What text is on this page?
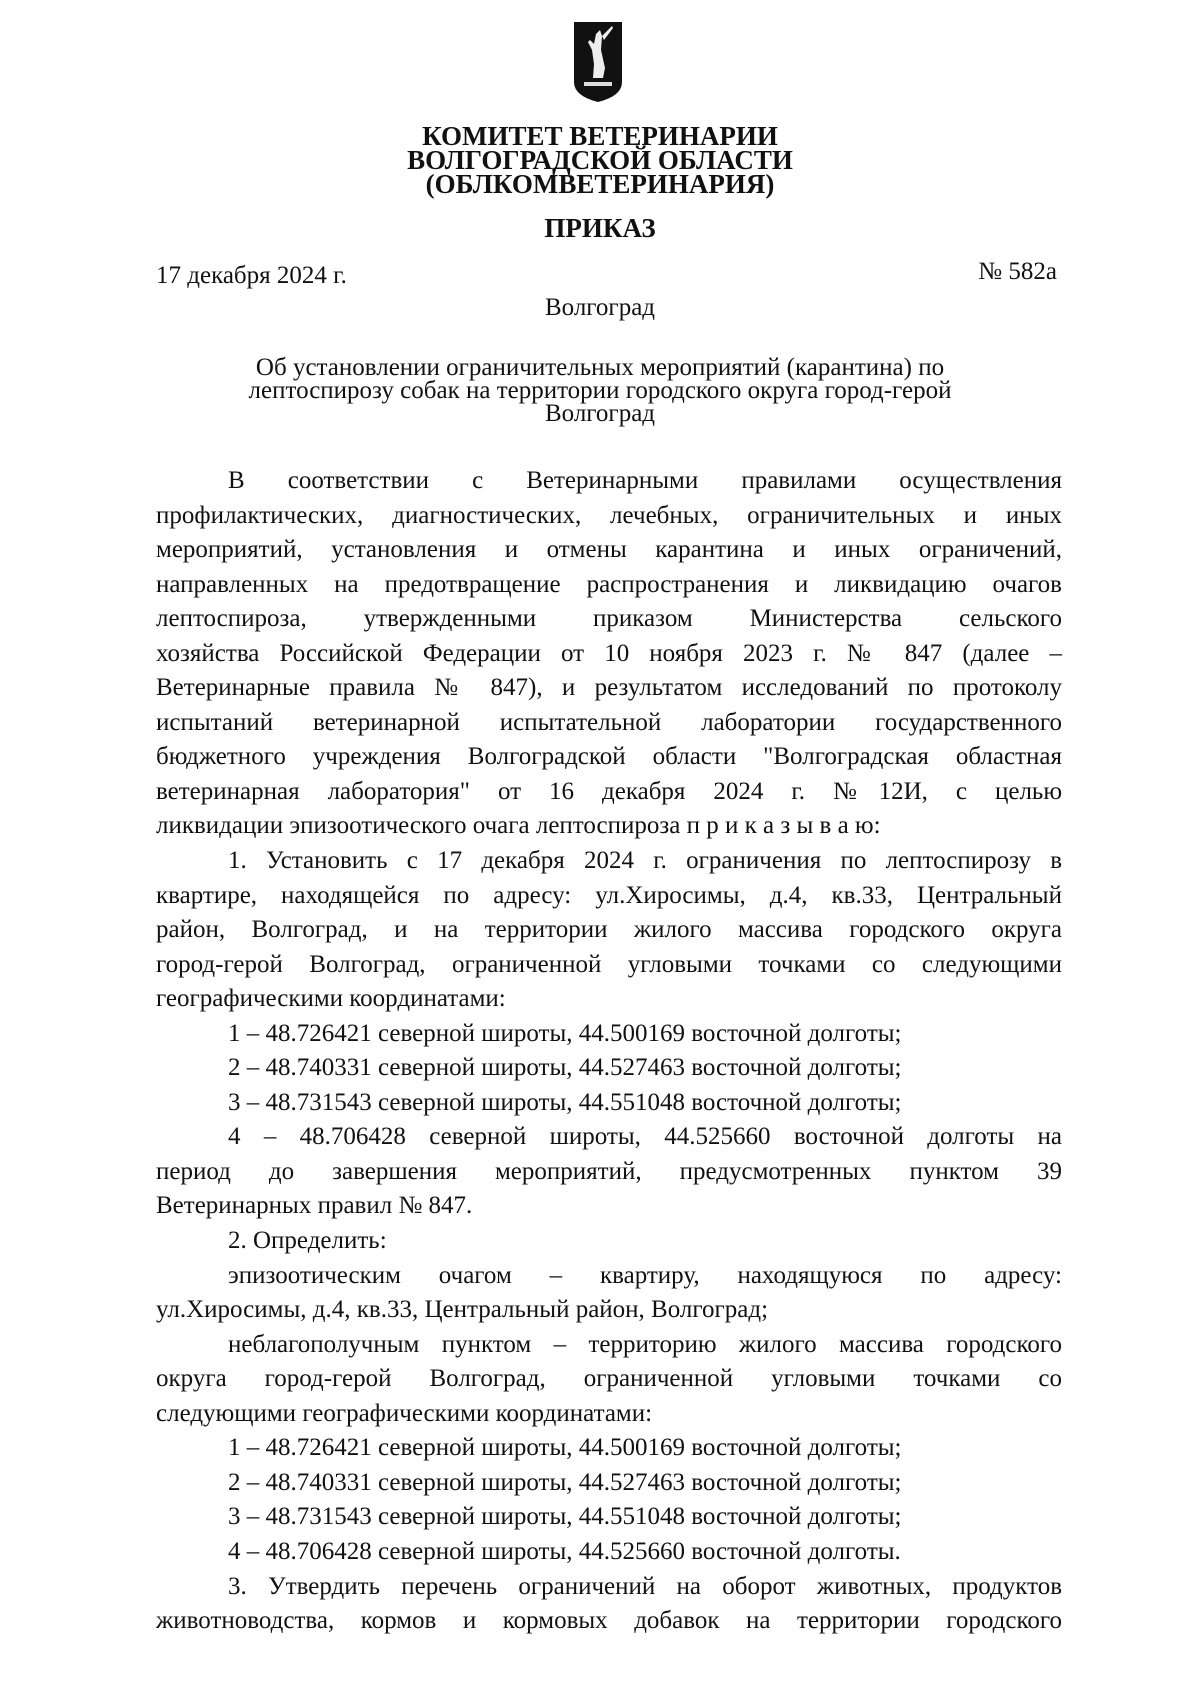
КОМИТЕТ ВЕТЕРИНАРИИ
ВОЛГОГРАДСКОЙ ОБЛАСТИ
(ОБЛКОМВЕТЕРИНАРИЯ)
ПРИКАЗ
17 декабря 2024 г.	№ 582а
Волгоград
Об установлении ограничительных мероприятий (карантина) по
лептоспирозу собак на территории городского округа город-герой
Волгоград
В соответствии с Ветеринарными правилами осуществления
профилактических, диагностических, лечебных, ограничительных и иных
мероприятий, установления и отмены карантина и иных ограничений,
направленных на предотвращение распространения и ликвидацию очагов
лептоспироза, утвержденными приказом Министерства сельского
хозяйства Российской Федерации от 10 ноября 2023 г. № 847 (далее –
Ветеринарные правила № 847), и результатом исследований по протоколу
испытаний ветеринарной испытательной лаборатории государственного
бюджетного учреждения Волгоградской области "Волгоградская областная
ветеринарная лаборатория" от 16 декабря 2024 г. №12И, с целью
ликвидации эпизоотического очага лептоспироза п р и к а з ы в а ю:
1. Установить с 17 декабря 2024 г. ограничения по лептоспирозу в
квартире, находящейся по адресу: ул.Хиросимы, д.4, кв.33, Центральный
район, Волгоград, и на территории жилого массива городского округа
город-герой Волгоград, ограниченной угловыми точками со следующими
географическими координатами:
1 – 48.726421 северной широты, 44.500169 восточной долготы;
2 – 48.740331 северной широты, 44.527463 восточной долготы;
3 – 48.731543 северной широты, 44.551048 восточной долготы;
4 – 48.706428 северной широты, 44.525660 восточной долготы на
период до завершения мероприятий, предусмотренных пунктом 39
Ветеринарных правил № 847.
2. Определить:
эпизоотическим очагом – квартиру, находящуюся по адресу:
ул.Хиросимы, д.4, кв.33, Центральный район, Волгоград;
неблагополучным пунктом – территорию жилого массива городского
округа город-герой Волгоград, ограниченной угловыми точками со
следующими географическими координатами:
1 – 48.726421 северной широты, 44.500169 восточной долготы;
2 – 48.740331 северной широты, 44.527463 восточной долготы;
3 – 48.731543 северной широты, 44.551048 восточной долготы;
4 – 48.706428 северной широты, 44.525660 восточной долготы.
3. Утвердить перечень ограничений на оборот животных, продуктов
животноводства, кормов и кормовых добавок на территории городского
